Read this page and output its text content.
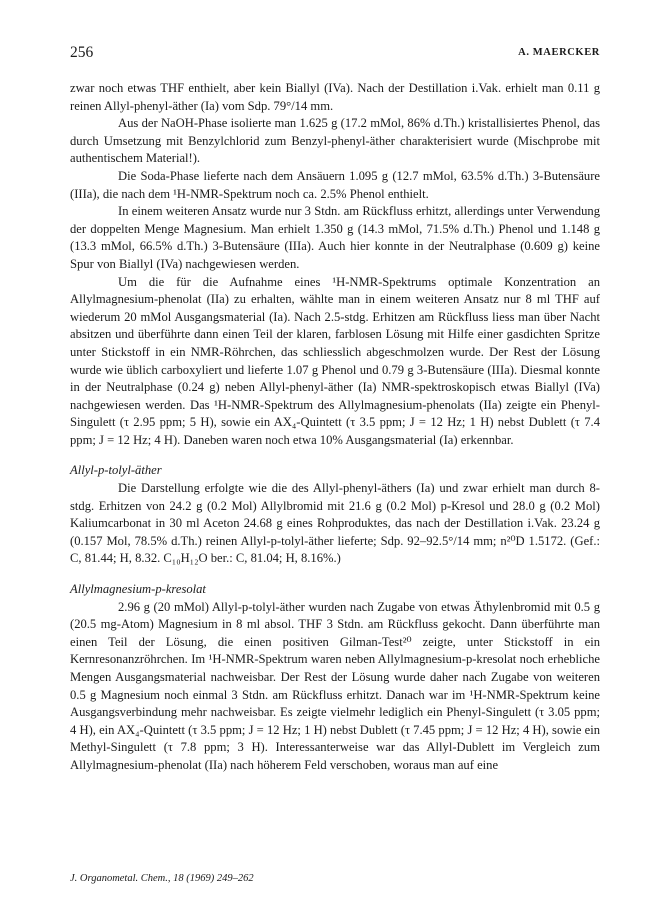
256	A. MAERCKER

zwar noch etwas THF enthielt, aber kein Biallyl (IVa). Nach der Destillation i.Vak. erhielt man 0.11 g reinen Allyl-phenyl-äther (Ia) vom Sdp. 79°/14 mm.

Aus der NaOH-Phase isolierte man 1.625 g (17.2 mMol, 86% d.Th.) kristallisiertes Phenol, das durch Umsetzung mit Benzylchlorid zum Benzyl-phenyl-äther charakterisiert wurde (Mischprobe mit authentischem Material!).

Die Soda-Phase lieferte nach dem Ansäuern 1.095 g (12.7 mMol, 63.5% d.Th.) 3-Butensäure (IIIa), die nach dem ¹H-NMR-Spektrum noch ca. 2.5% Phenol enthielt.

In einem weiteren Ansatz wurde nur 3 Stdn. am Rückfluss erhitzt, allerdings unter Verwendung der doppelten Menge Magnesium. Man erhielt 1.350 g (14.3 mMol, 71.5% d.Th.) Phenol und 1.148 g (13.3 mMol, 66.5% d.Th.) 3-Butensäure (IIIa). Auch hier konnte in der Neutralphase (0.609 g) keine Spur von Biallyl (IVa) nachgewiesen werden.

Um die für die Aufnahme eines ¹H-NMR-Spektrums optimale Konzentration an Allylmagnesium-phenolat (IIa) zu erhalten, wählte man in einem weiteren Ansatz nur 8 ml THF auf wiederum 20 mMol Ausgangsmaterial (Ia). Nach 2.5-stdg. Erhitzen am Rückfluss liess man über Nacht absitzen und überführte dann einen Teil der klaren, farblosen Lösung mit Hilfe einer gasdichten Spritze unter Stickstoff in ein NMR-Röhrchen, das schliesslich abgeschmolzen wurde. Der Rest der Lösung wurde wie üblich carboxyliert und lieferte 1.07 g Phenol und 0.79 g 3-Butensäure (IIIa). Diesmal konnte in der Neutralphase (0.24 g) neben Allyl-phenyl-äther (Ia) NMR-spektroskopisch etwas Biallyl (IVa) nachgewiesen werden. Das ¹H-NMR-Spektrum des Allylmagnesium-phenolats (IIa) zeigte ein Phenyl-Singulett (τ 2.95 ppm; 5 H), sowie ein AX₄-Quintett (τ 3.5 ppm; J = 12 Hz; 1 H) nebst Dublett (τ 7.4 ppm; J = 12 Hz; 4 H). Daneben waren noch etwa 10% Ausgangsmaterial (Ia) erkennbar.

Allyl-p-tolyl-äther

Die Darstellung erfolgte wie die des Allyl-phenyl-äthers (Ia) und zwar erhielt man durch 8-stdg. Erhitzen von 24.2 g (0.2 Mol) Allylbromid mit 21.6 g (0.2 Mol) p-Kresol und 28.0 g (0.2 Mol) Kaliumcarbonat in 30 ml Aceton 24.68 g eines Rohproduktes, das nach der Destillation i.Vak. 23.24 g (0.157 Mol, 78.5% d.Th.) reinen Allyl-p-tolyl-äther lieferte; Sdp. 92–92.5°/14 mm; n²⁰D 1.5172. (Gef.: C, 81.44; H, 8.32. C₁₀H₁₂O ber.: C, 81.04; H, 8.16%.)

Allylmagnesium-p-kresolat

2.96 g (20 mMol) Allyl-p-tolyl-äther wurden nach Zugabe von etwas Äthylenbromid mit 0.5 g (20.5 mg-Atom) Magnesium in 8 ml absol. THF 3 Stdn. am Rückfluss gekocht. Dann überführte man einen Teil der Lösung, die einen positiven Gilman-Test²⁰ zeigte, unter Stickstoff in ein Kernresonanzröhrchen. Im ¹H-NMR-Spektrum waren neben Allylmagnesium-p-kresolat noch erhebliche Mengen Ausgangsmaterial nachweisbar. Der Rest der Lösung wurde daher nach Zugabe von weiteren 0.5 g Magnesium noch einmal 3 Stdn. am Rückfluss erhitzt. Danach war im ¹H-NMR-Spektrum keine Ausgangsverbindung mehr nachweisbar. Es zeigte vielmehr lediglich ein Phenyl-Singulett (τ 3.05 ppm; 4 H), ein AX₄-Quintett (τ 3.5 ppm; J = 12 Hz; 1 H) nebst Dublett (τ 7.45 ppm; J = 12 Hz; 4 H), sowie ein Methyl-Singulett (τ 7.8 ppm; 3 H). Interessanterweise war das Allyl-Dublett im Vergleich zum Allylmagnesium-phenolat (IIa) nach höherem Feld verschoben, woraus man auf eine

J. Organometal. Chem., 18 (1969) 249–262
